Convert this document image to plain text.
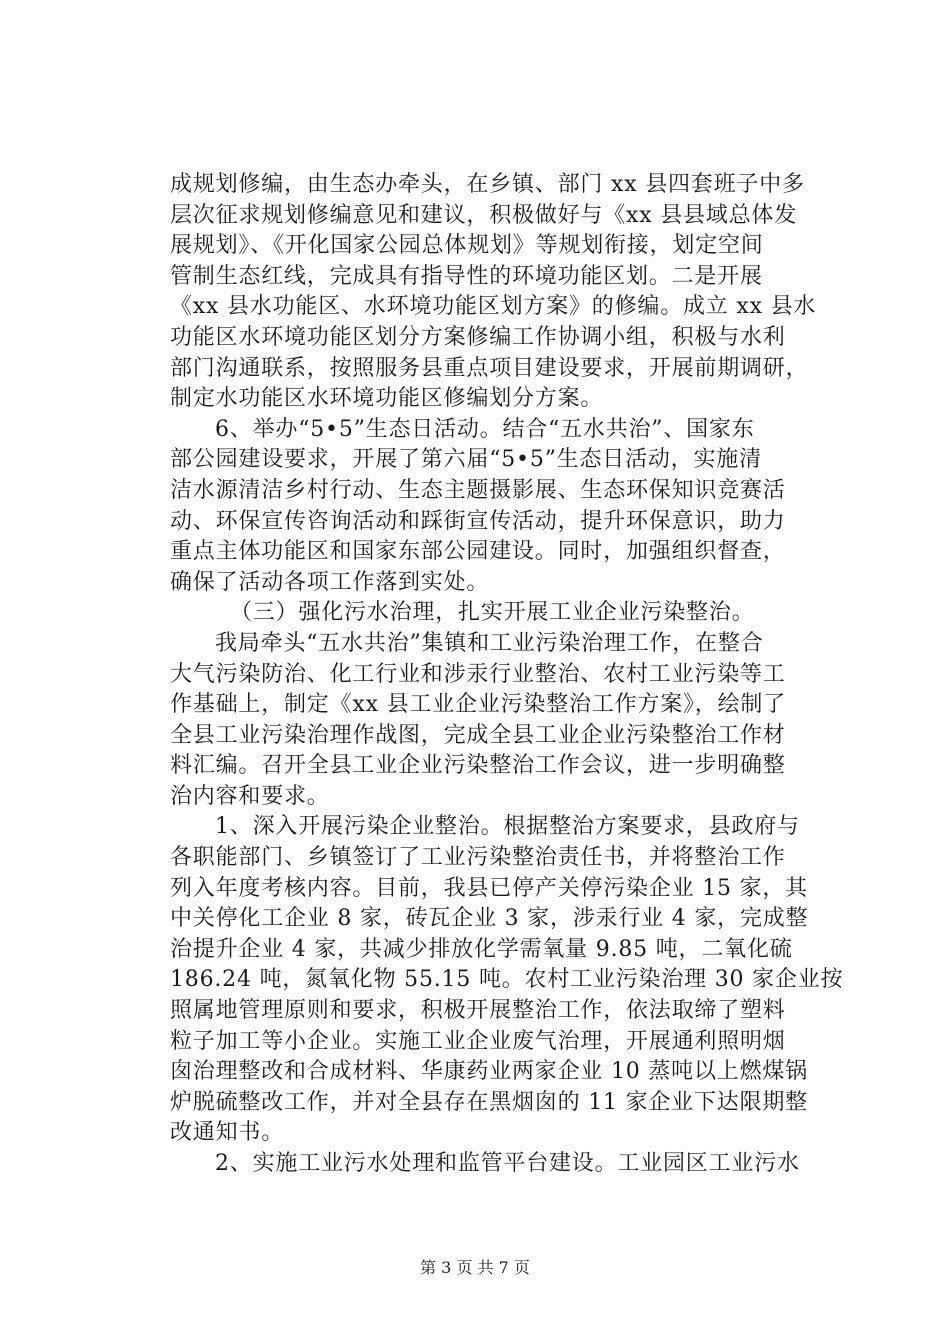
成规划修编，由生态办牵头，在乡镇、部门 xx 县四套班子中多
层次征求规划修编意见和建议，积极做好与《xx 县县域总体发
展规划》、《开化国家公园总体规划》等规划衔接，划定空间
管制生态红线，完成具有指导性的环境功能区划。二是开展
《xx 县水功能区、水环境功能区划方案》的修编。成立 xx 县水
功能区水环境功能区划分方案修编工作协调小组，积极与水利
部门沟通联系，按照服务县重点项目建设要求，开展前期调研，
制定水功能区水环境功能区修编划分方案。
6、举办“5•5”生态日活动。结合“五水共治”、国家东
部公园建设要求，开展了第六届“5•5”生态日活动，实施清
洁水源清洁乡村行动、生态主题摄影展、生态环保知识竞赛活
动、环保宣传咨询活动和踩街宣传活动，提升环保意识，助力
重点主体功能区和国家东部公园建设。同时，加强组织督查，
确保了活动各项工作落到实处。
（三）强化污水治理，扎实开展工业企业污染整治。
我局牵头“五水共治”集镇和工业污染治理工作，在整合
大气污染防治、化工行业和涉汞行业整治、农村工业污染等工
作基础上，制定《xx 县工业企业污染整治工作方案》，绘制了
全县工业污染治理作战图，完成全县工业企业污染整治工作材
料汇编。召开全县工业企业污染整治工作会议，进一步明确整
治内容和要求。
1、深入开展污染企业整治。根据整治方案要求，县政府与
各职能部门、乡镇签订了工业污染整治责任书，并将整治工作
列入年度考核内容。目前，我县已停产关停污染企业 15 家，其
中关停化工企业 8 家，砖瓦企业 3 家，涉汞行业 4 家，完成整
治提升企业 4 家，共减少排放化学需氧量 9.85 吨，二氧化硫
186.24 吨，氮氧化物 55.15 吨。农村工业污染治理 30 家企业按
照属地管理原则和要求，积极开展整治工作，依法取缔了塑料
粒子加工等小企业。实施工业企业废气治理，开展通利照明烟
囱治理整改和合成材料、华康药业两家企业 10 蒸吨以上燃煤锅
炉脱硫整改工作，并对全县存在黑烟囱的 11 家企业下达限期整
改通知书。
2、实施工业污水处理和监管平台建设。工业园区工业污水
第 3 页 共 7 页
